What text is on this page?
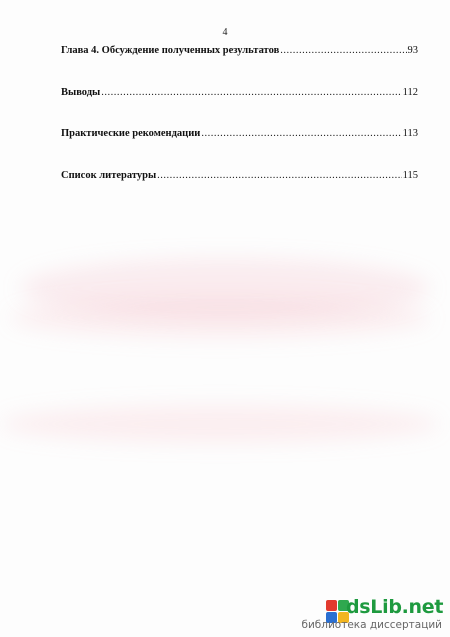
4
Глава 4. Обсуждение полученных результатов .....	93
Выводы .....	112
Практические рекомендации .....	113
Список литературы .....	115
dsLib.net
библиотека диссертаций
